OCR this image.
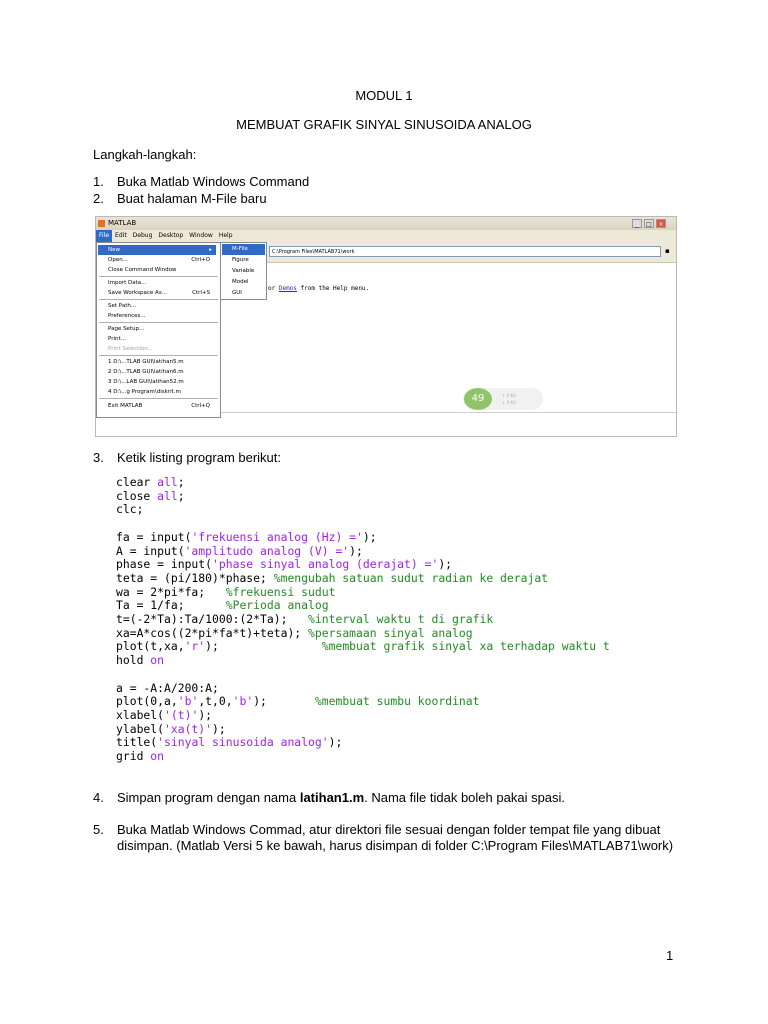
MODUL 1
MEMBUAT GRAFIK SINYAL SINUSOIDA ANALOG
Langkah-langkah:
1. Buka Matlab Windows Command
2. Buat halaman M-File baru
MATLAB	_	□	×
File Edit Debug Desktop Window Help
C:\Program Files\MATLAB71\work	▪
or Demos from the Help menu.
49	↑ 0 K/s
↓ 0 K/s
New	▸
Open...	Ctrl+O
Close Command Window
Import Data...
Save Workspace As...	Ctrl+S
Set Path...
Preferences...
Page Setup...
Print...
Print Selection...
1 D:\...TLAB GUI\latihan5.m
2 D:\...TLAB GUI\latihan6.m
3 D:\...LAB GUI\latihan52.m
4 D:\...g Program\diskrit.m
Exit MATLAB	Ctrl+Q
M-File
Figure
Variable
Model
GUI
3. Ketik listing program berikut:
clear all;
close all;
clc;

fa = input('frekuensi analog (Hz) =');
A = input('amplitudo analog (V) =');
phase = input('phase sinyal analog (derajat) =');
teta = (pi/180)*phase; %mengubah satuan sudut radian ke derajat
wa = 2*pi*fa;   %frekuensi sudut
Ta = 1/fa;      %Perioda analog
t=(-2*Ta):Ta/1000:(2*Ta);   %interval waktu t di grafik
xa=A*cos((2*pi*fa*t)+teta); %persamaan sinyal analog
plot(t,xa,'r');               %membuat grafik sinyal xa terhadap waktu t
hold on

a = -A:A/200:A;
plot(0,a,'b',t,0,'b');       %membuat sumbu koordinat
xlabel('(t)');
ylabel('xa(t)');
title('sinyal sinusoida analog');
grid on
4. Simpan program dengan nama latihan1.m. Nama file tidak boleh pakai spasi.
5. Buka Matlab Windows Commad, atur direktori file sesuai dengan folder tempat file yang dibuat
disimpan. (Matlab Versi 5 ke bawah, harus disimpan di folder C:\Program Files\MATLAB71\work)
1
